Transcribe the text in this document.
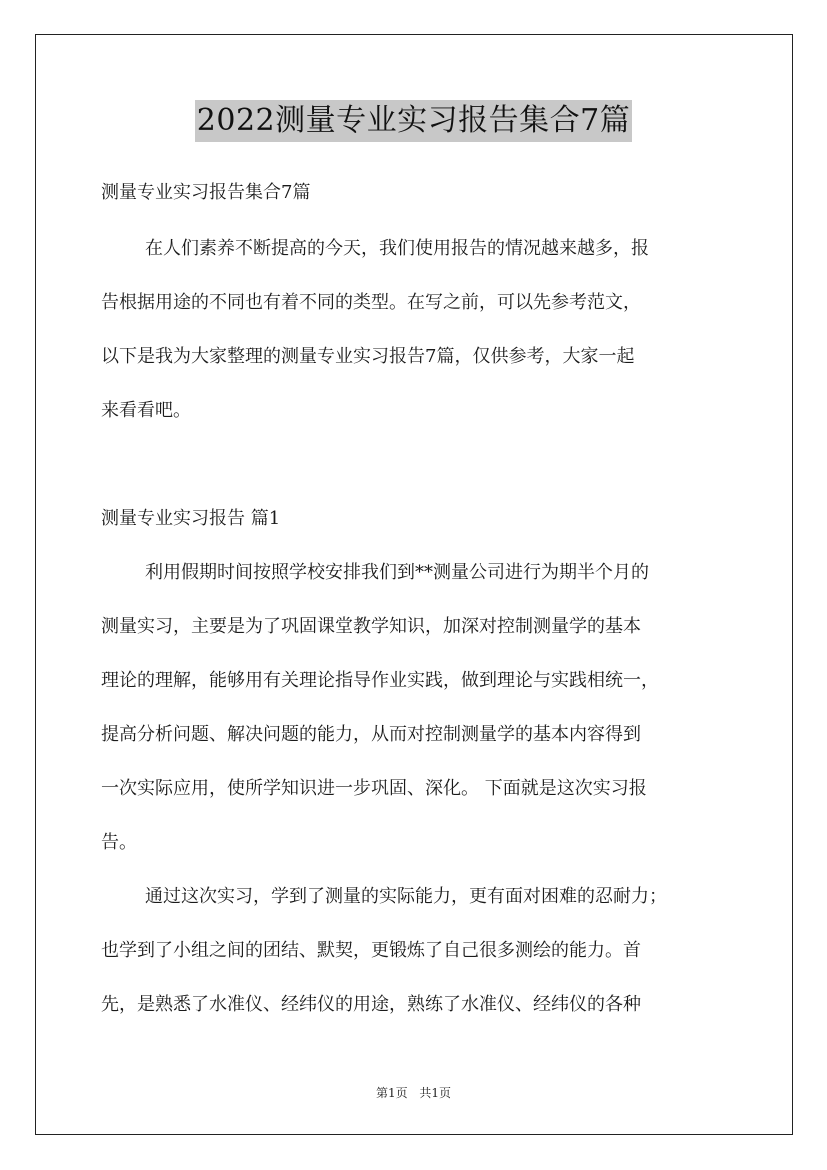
2022测量专业实习报告集合7篇
测量专业实习报告集合7篇
在人们素养不断提高的今天，我们使用报告的情况越来越多，报
告根据用途的不同也有着不同的类型。在写之前，可以先参考范文，
以下是我为大家整理的测量专业实习报告7篇，仅供参考，大家一起
来看看吧。
测量专业实习报告 篇1
利用假期时间按照学校安排我们到**测量公司进行为期半个月的
测量实习，主要是为了巩固课堂教学知识，加深对控制测量学的基本
理论的理解，能够用有关理论指导作业实践，做到理论与实践相统一，
提高分析问题、解决问题的能力，从而对控制测量学的基本内容得到
一次实际应用，使所学知识进一步巩固、深化。 下面就是这次实习报
告。
通过这次实习，学到了测量的实际能力，更有面对困难的忍耐力；
也学到了小组之间的团结、默契，更锻炼了自己很多测绘的能力。首
先，是熟悉了水准仪、经纬仪的用途，熟练了水准仪、经纬仪的各种
第1页 共1页
